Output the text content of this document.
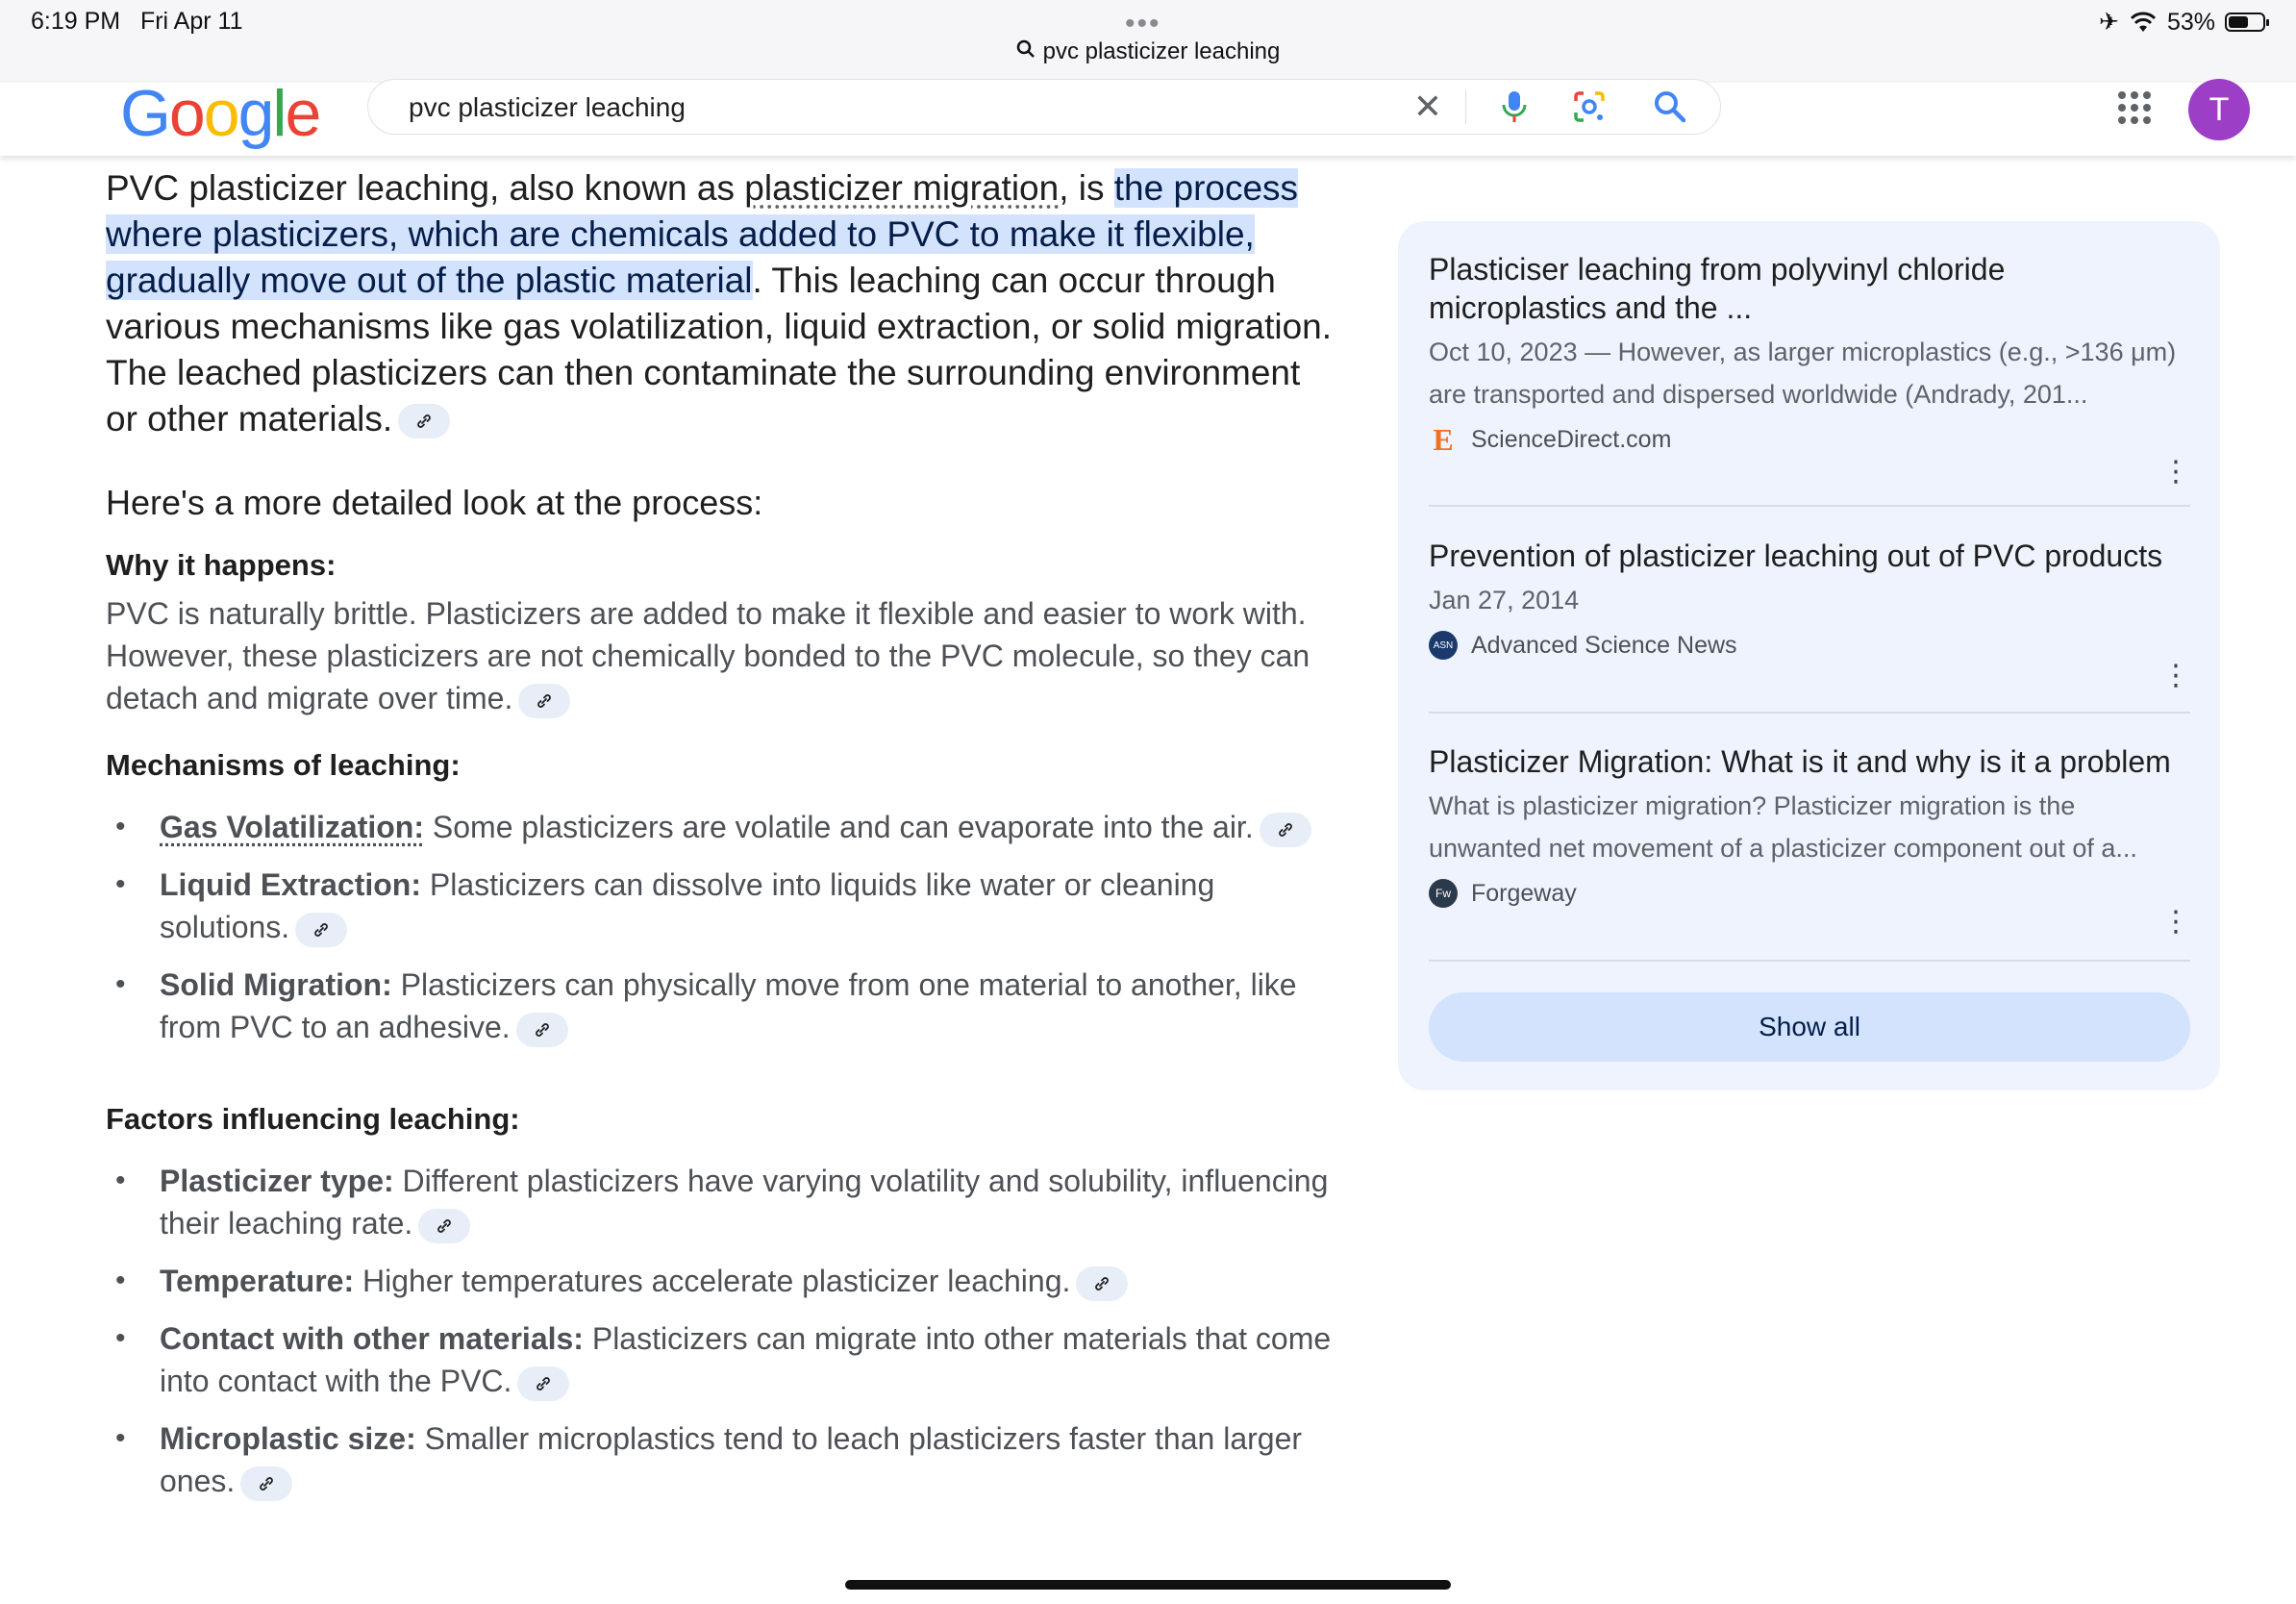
6:19 PM Fri Apr 11	•••	✈ 53%
pvc plasticizer leaching
Google
pvc plasticizer leaching	✕	T

PVC plasticizer leaching, also known as plasticizer migration, is the process where plasticizers, which are chemicals added to PVC to make it flexible, gradually move out of the plastic material. This leaching can occur through various mechanisms like gas volatilization, liquid extraction, or solid migration. The leached plasticizers can then contaminate the surrounding environment or other materials.

Here's a more detailed look at the process:

Why it happens:

PVC is naturally brittle. Plasticizers are added to make it flexible and easier to work with. However, these plasticizers are not chemically bonded to the PVC molecule, so they can detach and migrate over time.

Mechanisms of leaching:

• Gas Volatilization: Some plasticizers are volatile and can evaporate into the air.
• Liquid Extraction: Plasticizers can dissolve into liquids like water or cleaning solutions.
• Solid Migration: Plasticizers can physically move from one material to another, like from PVC to an adhesive.

Factors influencing leaching:

• Plasticizer type: Different plasticizers have varying volatility and solubility, influencing their leaching rate.
• Temperature: Higher temperatures accelerate plasticizer leaching.
• Contact with other materials: Plasticizers can migrate into other materials that come into contact with the PVC.
• Microplastic size: Smaller microplastics tend to leach plasticizers faster than larger ones.

Plasticiser leaching from polyvinyl chloride microplastics and the ...

Oct 10, 2023 — However, as larger microplastics (e.g., >136 μm) are transported and dispersed worldwide (Andrady, 201...

E ScienceDirect.com
⋮

Prevention of plasticizer leaching out of PVC products

Jan 27, 2014

ASN Advanced Science News
⋮

Plasticizer Migration: What is it and why is it a problem

What is plasticizer migration? Plasticizer migration is the unwanted net movement of a plasticizer component out of a...

Fw Forgeway
⋮
Show all
